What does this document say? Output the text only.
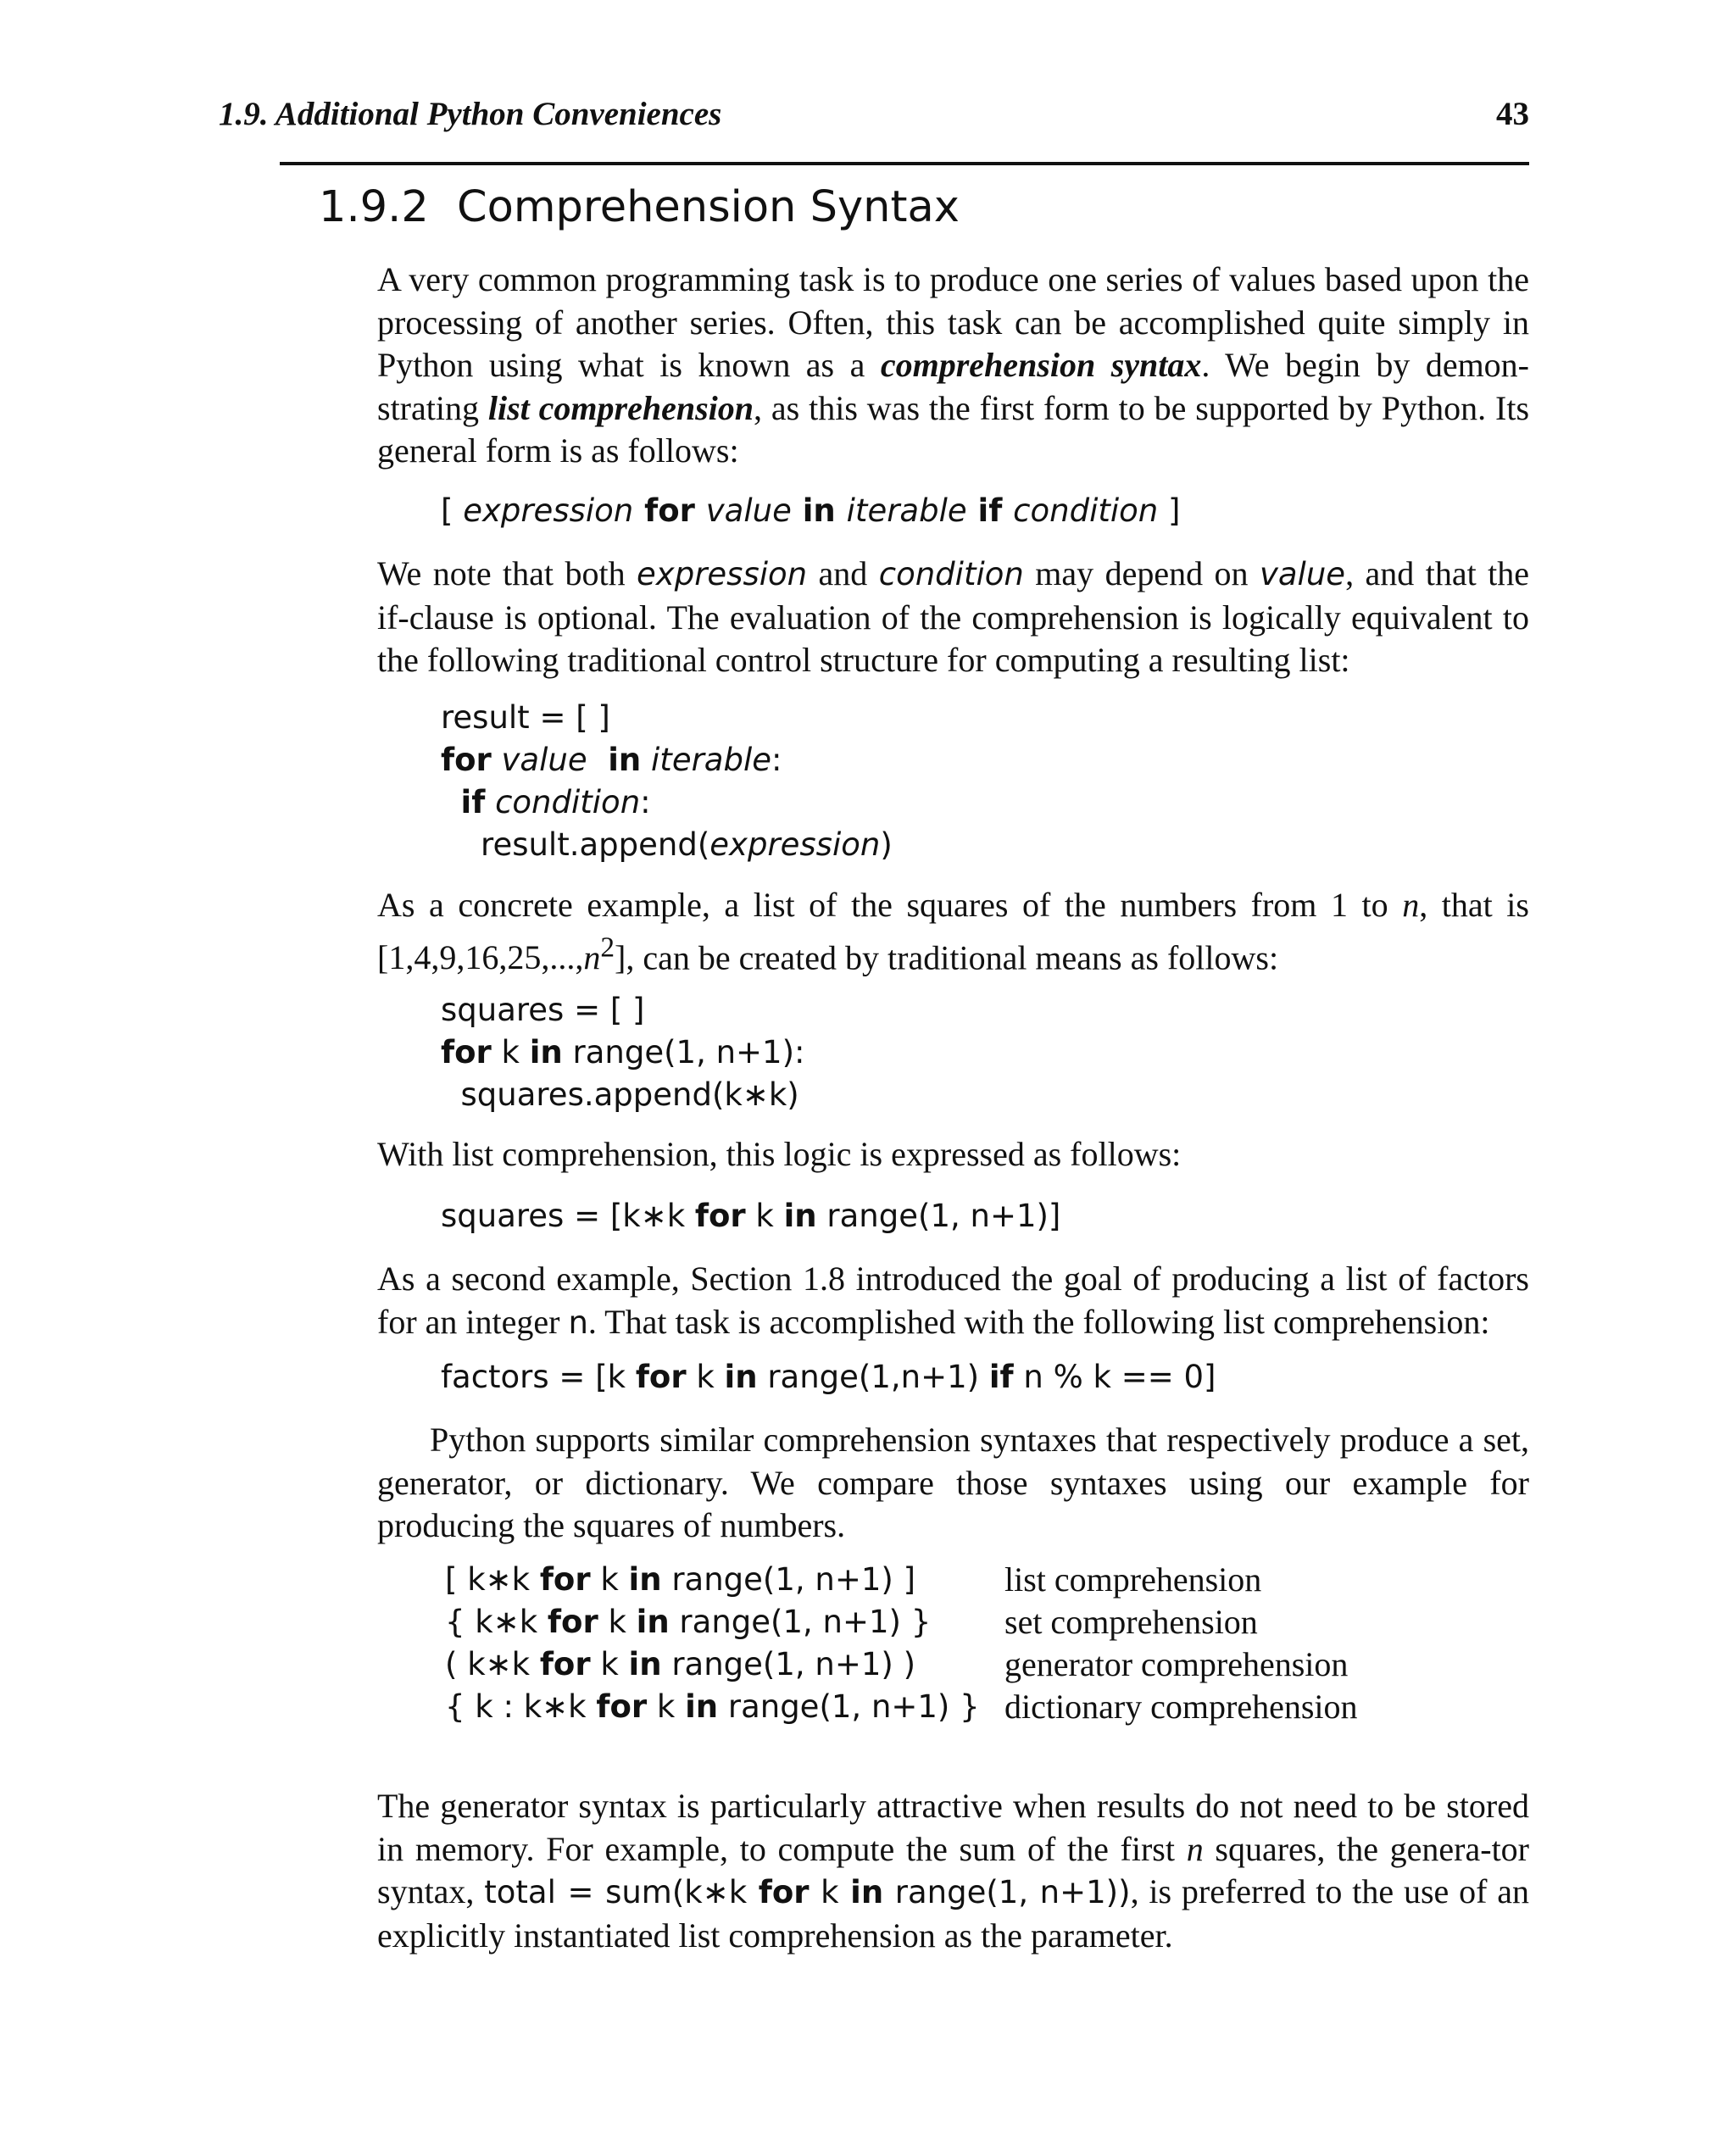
1.9. Additional Python Conveniences	43
1.9.2 Comprehension Syntax
A very common programming task is to produce one series of values based upon the processing of another series. Often, this task can be accomplished quite simply in Python using what is known as a comprehension syntax. We begin by demon-strating list comprehension, as this was the first form to be supported by Python. Its general form is as follows:
[ expression for value in iterable if condition ]
We note that both expression and condition may depend on value, and that the if-clause is optional. The evaluation of the comprehension is logically equivalent to the following traditional control structure for computing a resulting list:
result = [ ]
for value  in iterable:
if condition:
result.append(expression)
As a concrete example, a list of the squares of the numbers from 1 to n, that is $[1,4,9,16,25,...,n^2]$, can be created by traditional means as follows:
squares = [ ]
for k in range(1, n+1):
squares.append(k∗k)
With list comprehension, this logic is expressed as follows:
squares = [k∗k for k in range(1, n+1)]
As a second example, Section 1.8 introduced the goal of producing a list of factors for an integer n. That task is accomplished with the following list comprehension:
factors = [k for k in range(1,n+1) if n % k == 0]
Python supports similar comprehension syntaxes that respectively produce a set, generator, or dictionary. We compare those syntaxes using our example for producing the squares of numbers.
[ k∗k for k in range(1, n+1) ]	list comprehension
{ k∗k for k in range(1, n+1) } set comprehension
( k∗k for k in range(1, n+1) )	generator comprehension
{ k : k∗k for k in range(1, n+1) } dictionary comprehension
The generator syntax is particularly attractive when results do not need to be stored in memory. For example, to compute the sum of the first n squares, the genera-tor syntax, total = sum(k∗k for k in range(1, n+1)), is preferred to the use of an explicitly instantiated list comprehension as the parameter.
